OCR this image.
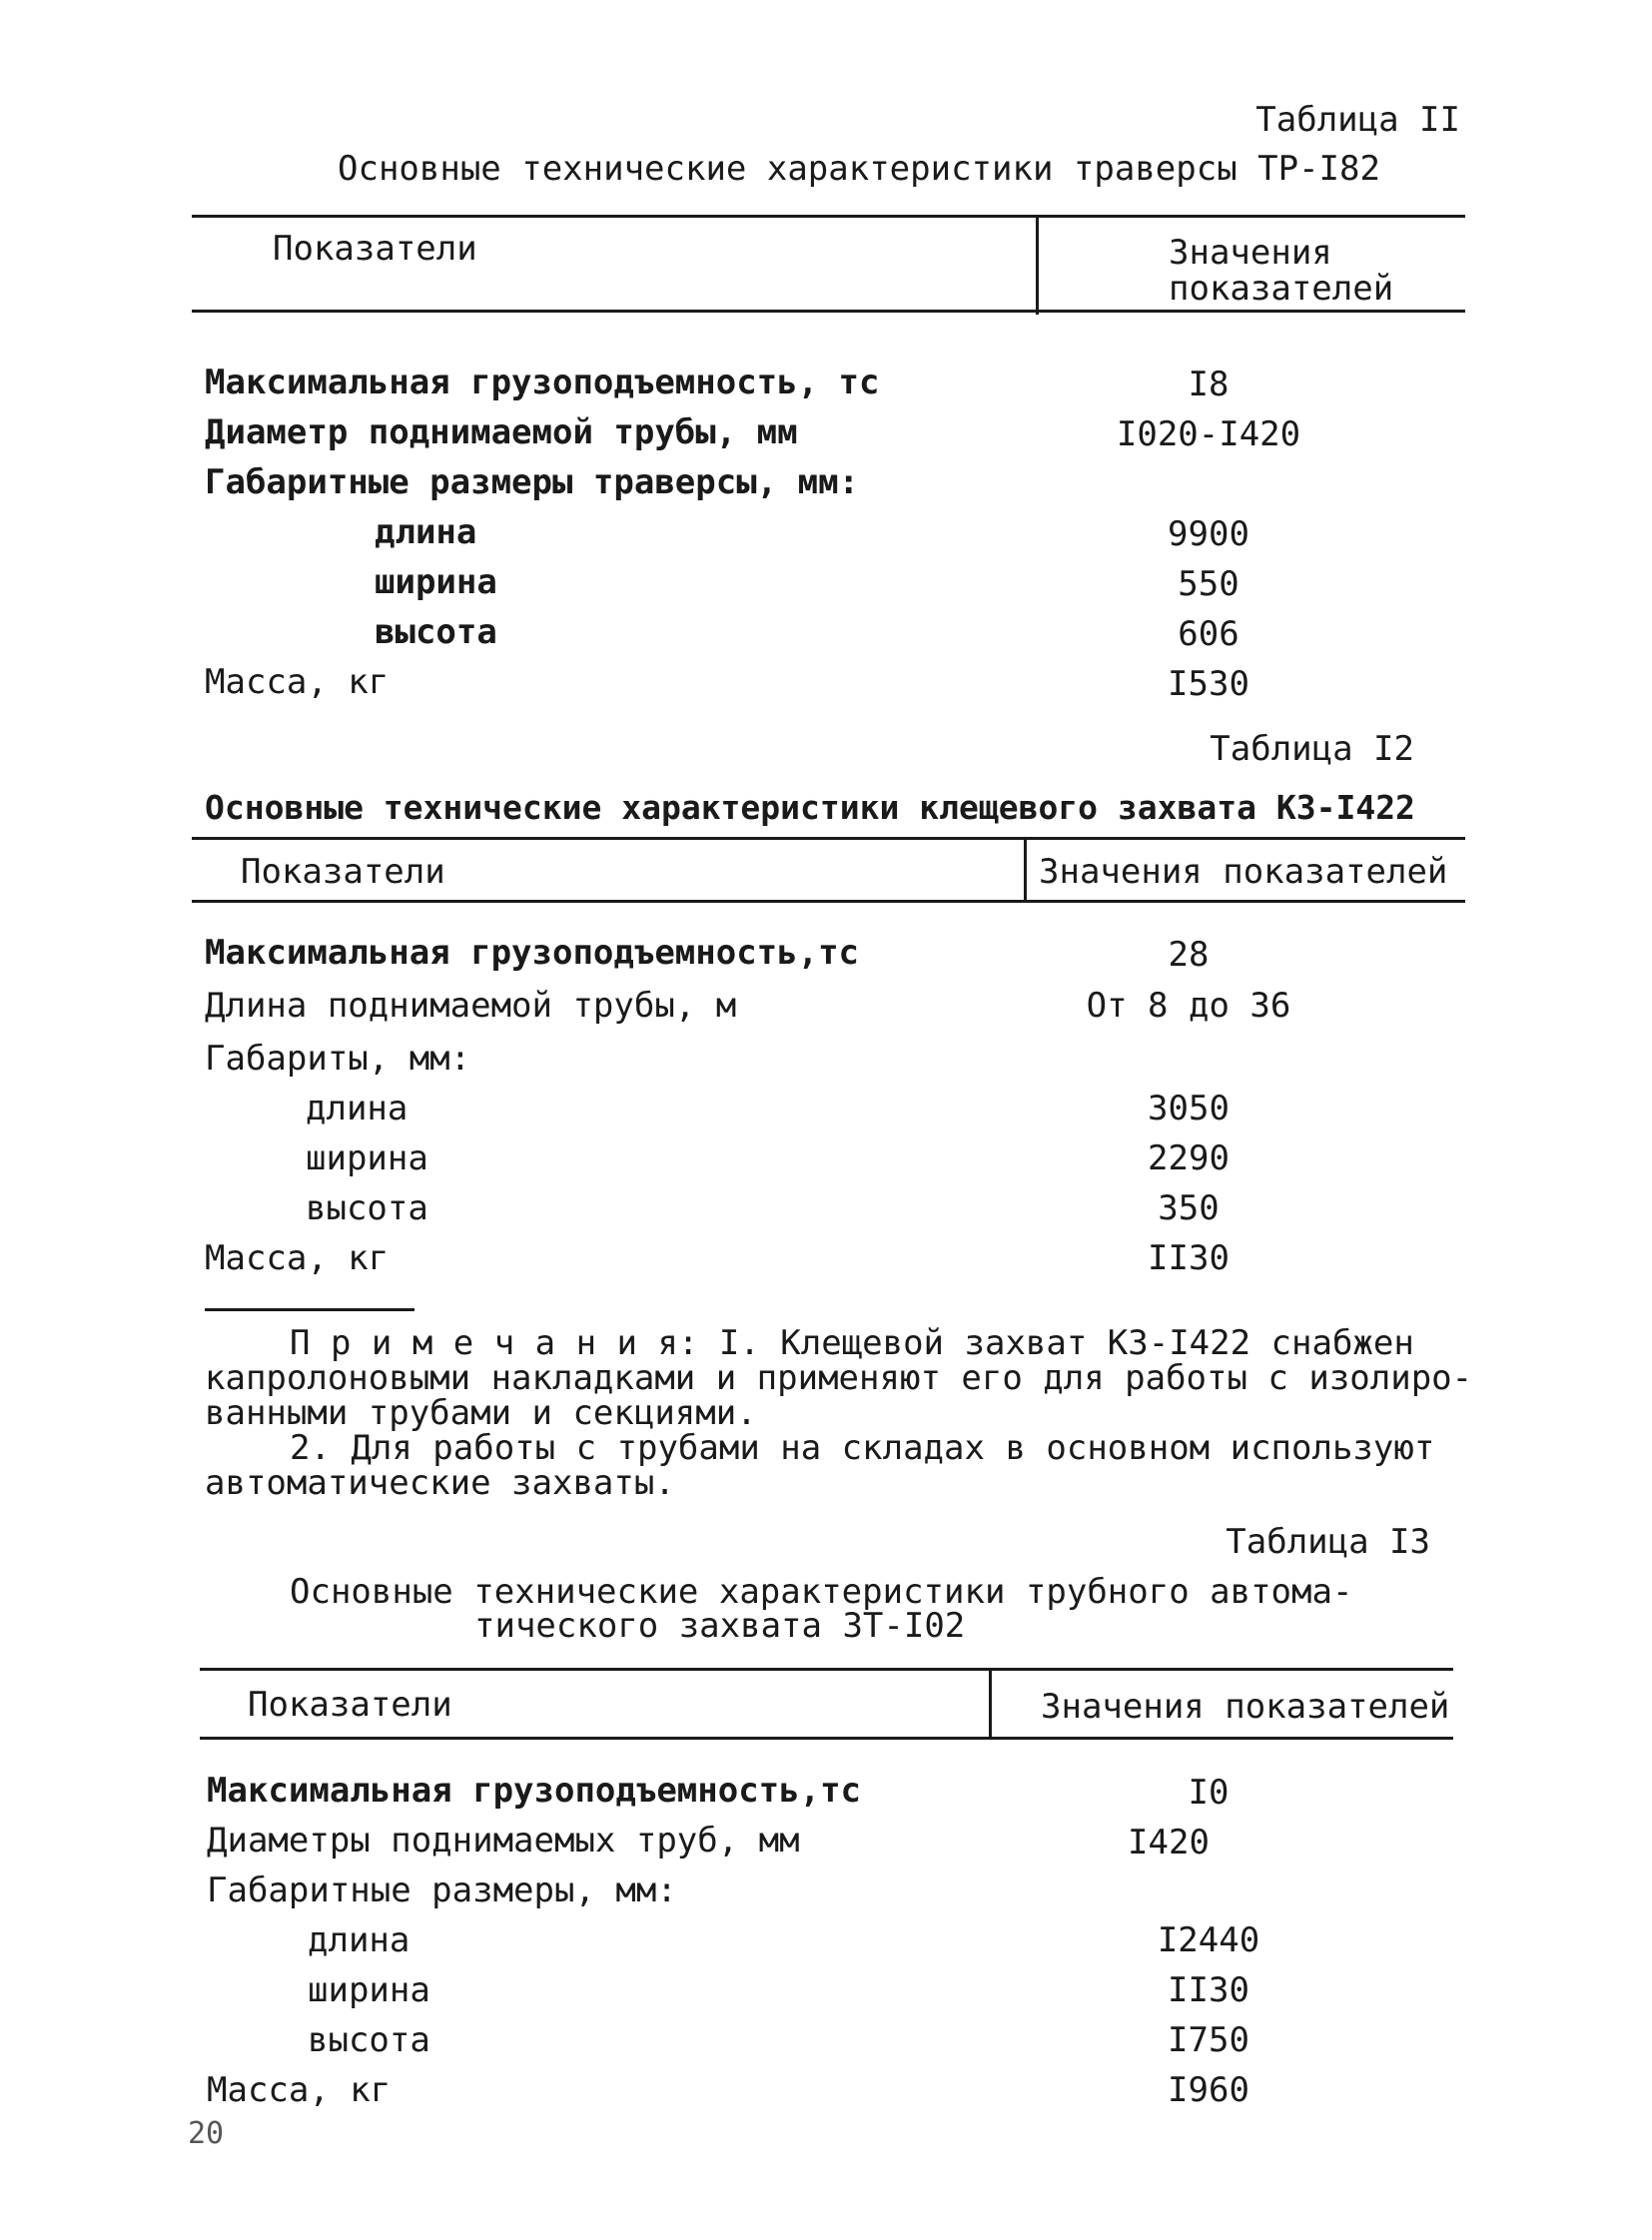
Таблица II
Основные технические характеристики траверсы ТР-I82
Показатели	Значения
показателей
Максимальная грузоподъемность, тс	I8
Диаметр поднимаемой трубы, мм	I020-I420
Габаритные размеры траверсы, мм:
длина	9900
ширина	550
высота	606
Масса, кг	I530
Таблица I2
Основные технические характеристики клещевого захвата КЗ-I422
Показатели	Значения показателей
Максимальная грузоподъемность,тс	28
Длина поднимаемой трубы, м	От 8 до 36
Габариты, мм:
длина	3050
ширина	2290
высота	350
Масса, кг	II30
П р и м е ч а н и я: I. Клещевой захват КЗ-I422 снабжен
капролоновыми накладками и применяют его для работы с изолиро-
ванными трубами и секциями.
2. Для работы с трубами на складах в основном используют
автоматические захваты.
Таблица I3
Основные технические характеристики трубного автома-
тического захвата ЗТ-I02
Показатели	Значения показателей
Максимальная грузоподъемность,тс	I0
Диаметры поднимаемых труб, мм	I420
Габаритные размеры, мм:
длина	I2440
ширина	II30
высота	I750
Масса, кг	I960
20
